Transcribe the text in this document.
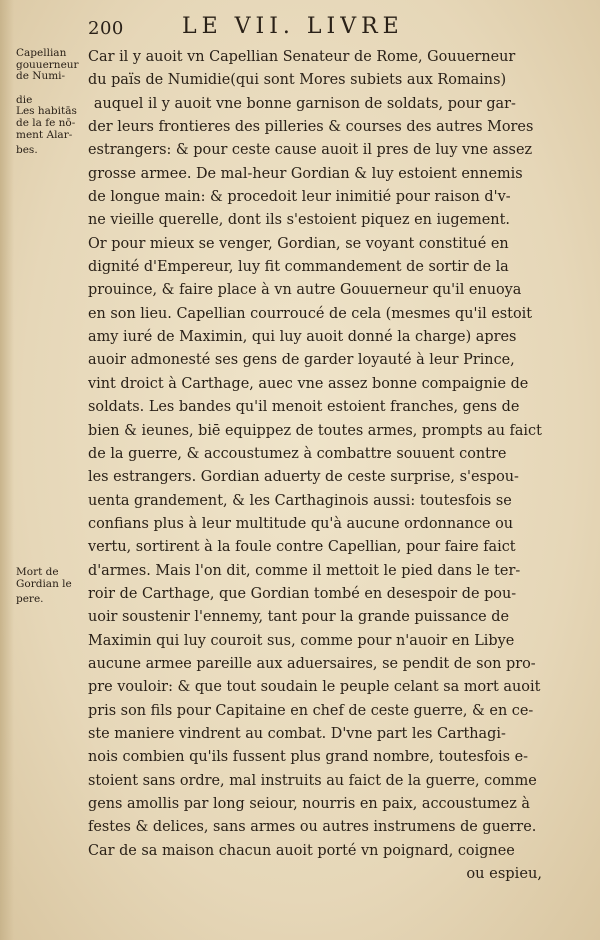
200	LE VII. LIVRE
Capellian
gouuerneur
de Numi-
die
Les habitās
de la fe nō-
ment Alar-
bes.
Mort de
Gordian le
pere.
Car il y auoit vn Capellian Senateur de Rome, Gouuerneur
du païs de Numidie(qui sont Mores subiets aux Romains)
auquel il y auoit vne bonne garnison de soldats, pour gar-
der leurs frontieres des pilleries & courses des autres Mores
estrangers: & pour ceste cause auoit il pres de luy vne assez
grosse armee. De mal-heur Gordian & luy estoient ennemis
de longue main: & procedoit leur inimitié pour raison d'v-
ne vieille querelle, dont ils s'estoient piquez en iugement.
Or pour mieux se venger, Gordian, se voyant constitué en
dignité d'Empereur, luy fit commandement de sortir de la
prouince, & faire place à vn autre Gouuerneur qu'il enuoya
en son lieu. Capellian courroucé de cela (mesmes qu'il estoit
amy iuré de Maximin, qui luy auoit donné la charge) apres
auoir admonesté ses gens de garder loyauté à leur Prince,
vint droict à Carthage, auec vne assez bonne compaignie de
soldats. Les bandes qu'il menoit estoient franches, gens de
bien & ieunes, biē equippez de toutes armes, prompts au faict
de la guerre, & accoustumez à combattre souuent contre
les estrangers. Gordian aduerty de ceste surprise, s'espou-
uenta grandement, & les Carthaginois aussi: toutesfois se
confians plus à leur multitude qu'à aucune ordonnance ou
vertu, sortirent à la foule contre Capellian, pour faire faict
d'armes. Mais l'on dit, comme il mettoit le pied dans le ter-
roir de Carthage, que Gordian tombé en desespoir de pou-
uoir soustenir l'ennemy, tant pour la grande puissance de
Maximin qui luy couroit sus, comme pour n'auoir en Libye
aucune armee pareille aux aduersaires, se pendit de son pro-
pre vouloir: & que tout soudain le peuple celant sa mort auoit
pris son fils pour Capitaine en chef de ceste guerre, & en ce-
ste maniere vindrent au combat. D'vne part les Carthagi-
nois combien qu'ils fussent plus grand nombre, toutesfois e-
stoient sans ordre, mal instruits au faict de la guerre, comme
gens amollis par long seiour, nourris en paix, accoustumez à
festes & delices, sans armes ou autres instrumens de guerre.
Car de sa maison chacun auoit porté vn poignard, coignee
ou espieu,
